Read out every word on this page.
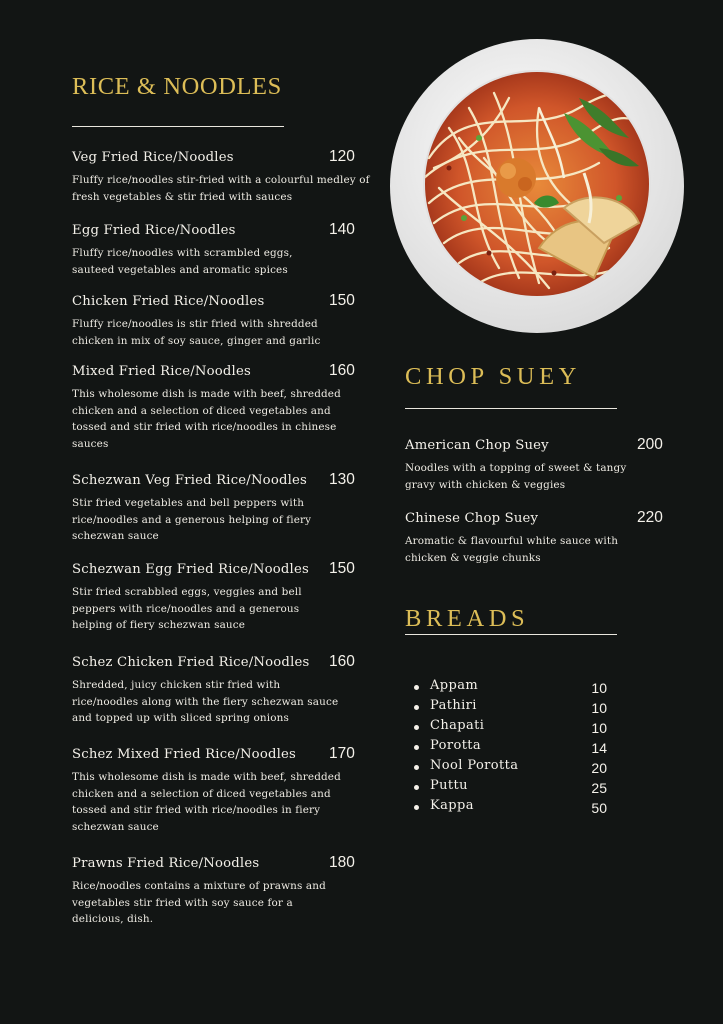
RICE & NOODLES
Veg Fried Rice/Noodles	120
Fluffy rice/noodles stir-fried with a colourful medley of fresh vegetables & stir fried with sauces
Egg Fried Rice/Noodles	140
Fluffy rice/noodles with scrambled eggs, sauteed vegetables and aromatic spices
Chicken Fried Rice/Noodles	150
Fluffy rice/noodles is stir fried with shredded chicken in mix of soy sauce, ginger and garlic
Mixed Fried Rice/Noodles	160
This wholesome dish is made with beef, shredded chicken and a selection of diced vegetables and tossed and stir fried with rice/noodles in chinese sauces
Schezwan Veg Fried Rice/Noodles 130
Stir fried vegetables and bell peppers with rice/noodles and a generous helping of fiery schezwan sauce
Schezwan Egg Fried Rice/Noodles 150
Stir fried scrabbled eggs, veggies and bell peppers with rice/noodles and a generous helping of fiery schezwan sauce
Schez Chicken Fried Rice/Noodles 160
Shredded, juicy chicken stir fried with rice/noodles along with the fiery schezwan sauce and topped up with sliced spring onions
Schez Mixed Fried Rice/Noodles 170
This wholesome dish is made with beef, shredded chicken and a selection of diced vegetables and tossed and stir fried with rice/noodles in fiery schezwan sauce
Prawns Fried Rice/Noodles	180
Rice/noodles contains a mixture of prawns and vegetables stir fried with soy sauce for a delicious, dish.
CHOP SUEY
American Chop Suey	200
Noodles with a topping of sweet & tangy gravy with chicken & veggies
Chinese Chop Suey	220
Aromatic & flavourful white sauce with chicken & veggie chunks
BREADS
Appam	10
Pathiri	10
Chapati	10
Porotta	14
Nool Porotta	20
Puttu	25
Kappa	50
